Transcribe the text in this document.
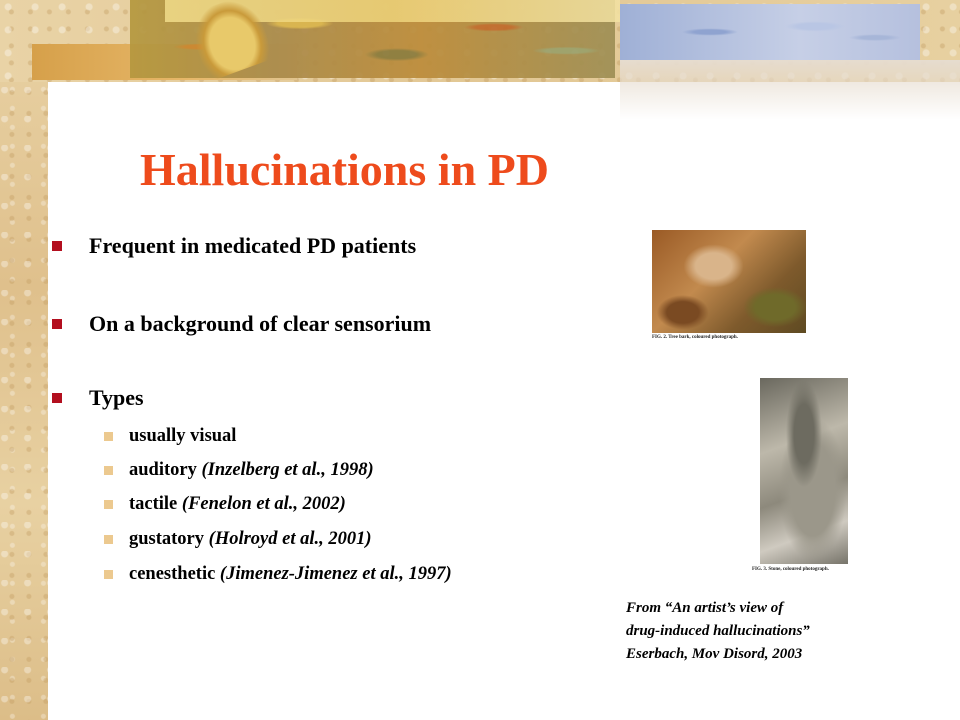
Hallucinations in PD
Frequent in medicated PD patients
On a background of clear sensorium
Types
usually visual
auditory (Inzelberg et al., 1998)
tactile (Fenelon et al., 2002)
gustatory (Holroyd et al., 2001)
cenesthetic (Jimenez-Jimenez et al., 1997)
FIG. 2. Tree bark, coloured photograph.
FIG. 3. Stone, coloured photograph.
From “An artist’s view of
drug-induced hallucinations”
Eserbach, Mov Disord, 2003
